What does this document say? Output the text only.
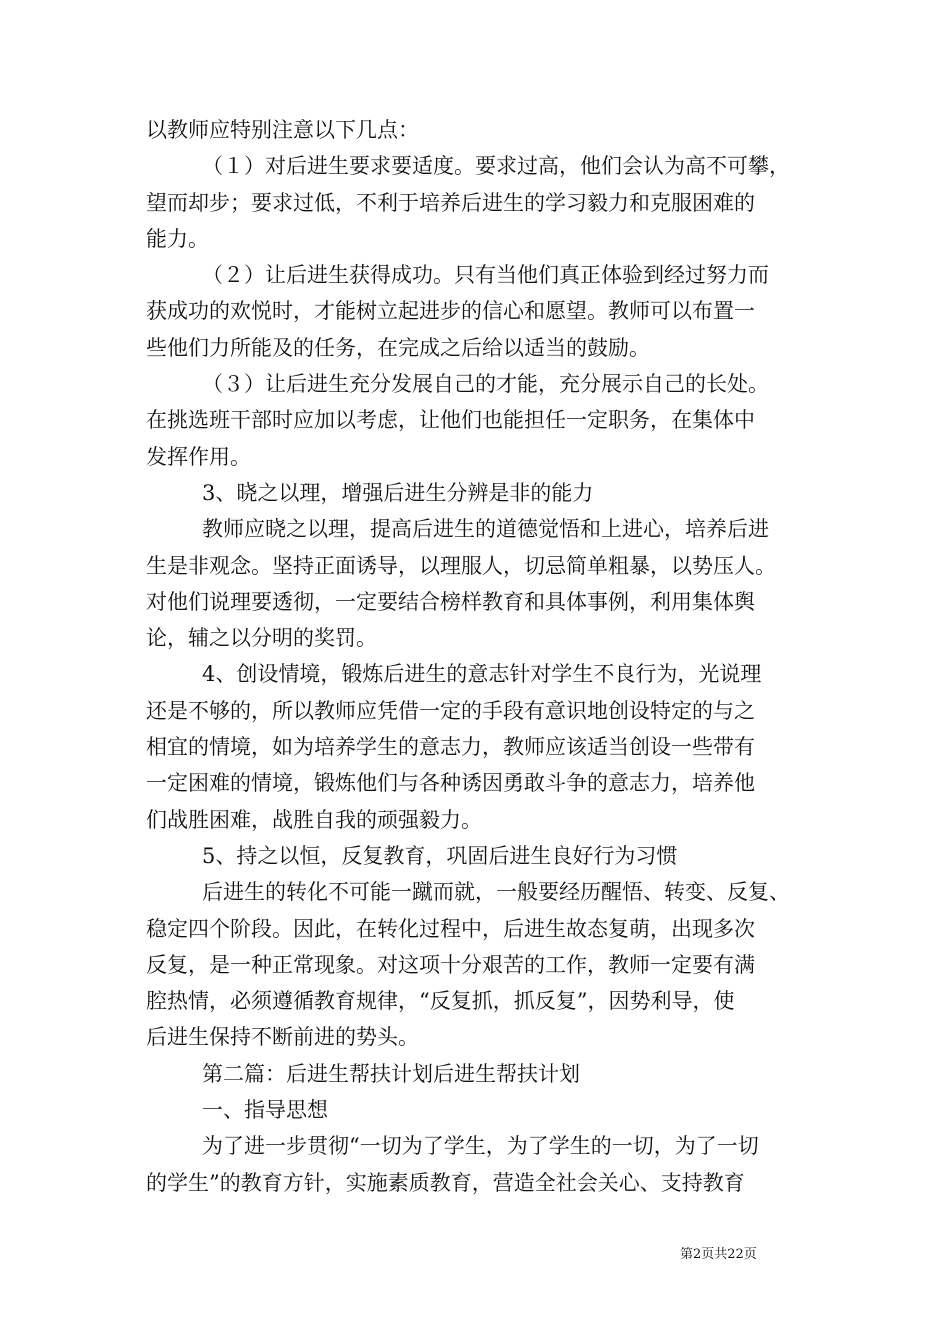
以教师应特别注意以下几点：
（１）对后进生要求要适度。要求过高，他们会认为高不可攀，
望而却步；要求过低，不利于培养后进生的学习毅力和克服困难的
能力。
（２）让后进生获得成功。只有当他们真正体验到经过努力而
获成功的欢悦时，才能树立起进步的信心和愿望。教师可以布置一
些他们力所能及的任务，在完成之后给以适当的鼓励。
（３）让后进生充分发展自己的才能，充分展示自己的长处。
在挑选班干部时应加以考虑，让他们也能担任一定职务，在集体中
发挥作用。
3、晓之以理，增强后进生分辨是非的能力
教师应晓之以理，提高后进生的道德觉悟和上进心，培养后进
生是非观念。坚持正面诱导，以理服人，切忌简单粗暴，以势压人。
对他们说理要透彻，一定要结合榜样教育和具体事例，利用集体舆
论，辅之以分明的奖罚。
4、创设情境，锻炼后进生的意志针对学生不良行为，光说理
还是不够的，所以教师应凭借一定的手段有意识地创设特定的与之
相宜的情境，如为培养学生的意志力，教师应该适当创设一些带有
一定困难的情境，锻炼他们与各种诱因勇敢斗争的意志力，培养他
们战胜困难，战胜自我的顽强毅力。
5、持之以恒，反复教育，巩固后进生良好行为习惯
后进生的转化不可能一蹴而就，一般要经历醒悟、转变、反复、
稳定四个阶段。因此，在转化过程中，后进生故态复萌，出现多次
反复，是一种正常现象。对这项十分艰苦的工作，教师一定要有满
腔热情，必须遵循教育规律，“反复抓，抓反复”，因势利导，使
后进生保持不断前进的势头。
第二篇：后进生帮扶计划后进生帮扶计划
一、指导思想
为了进一步贯彻“一切为了学生，为了学生的一切，为了一切
的学生”的教育方针，实施素质教育，营造全社会关心、支持教育
第2页共22页
